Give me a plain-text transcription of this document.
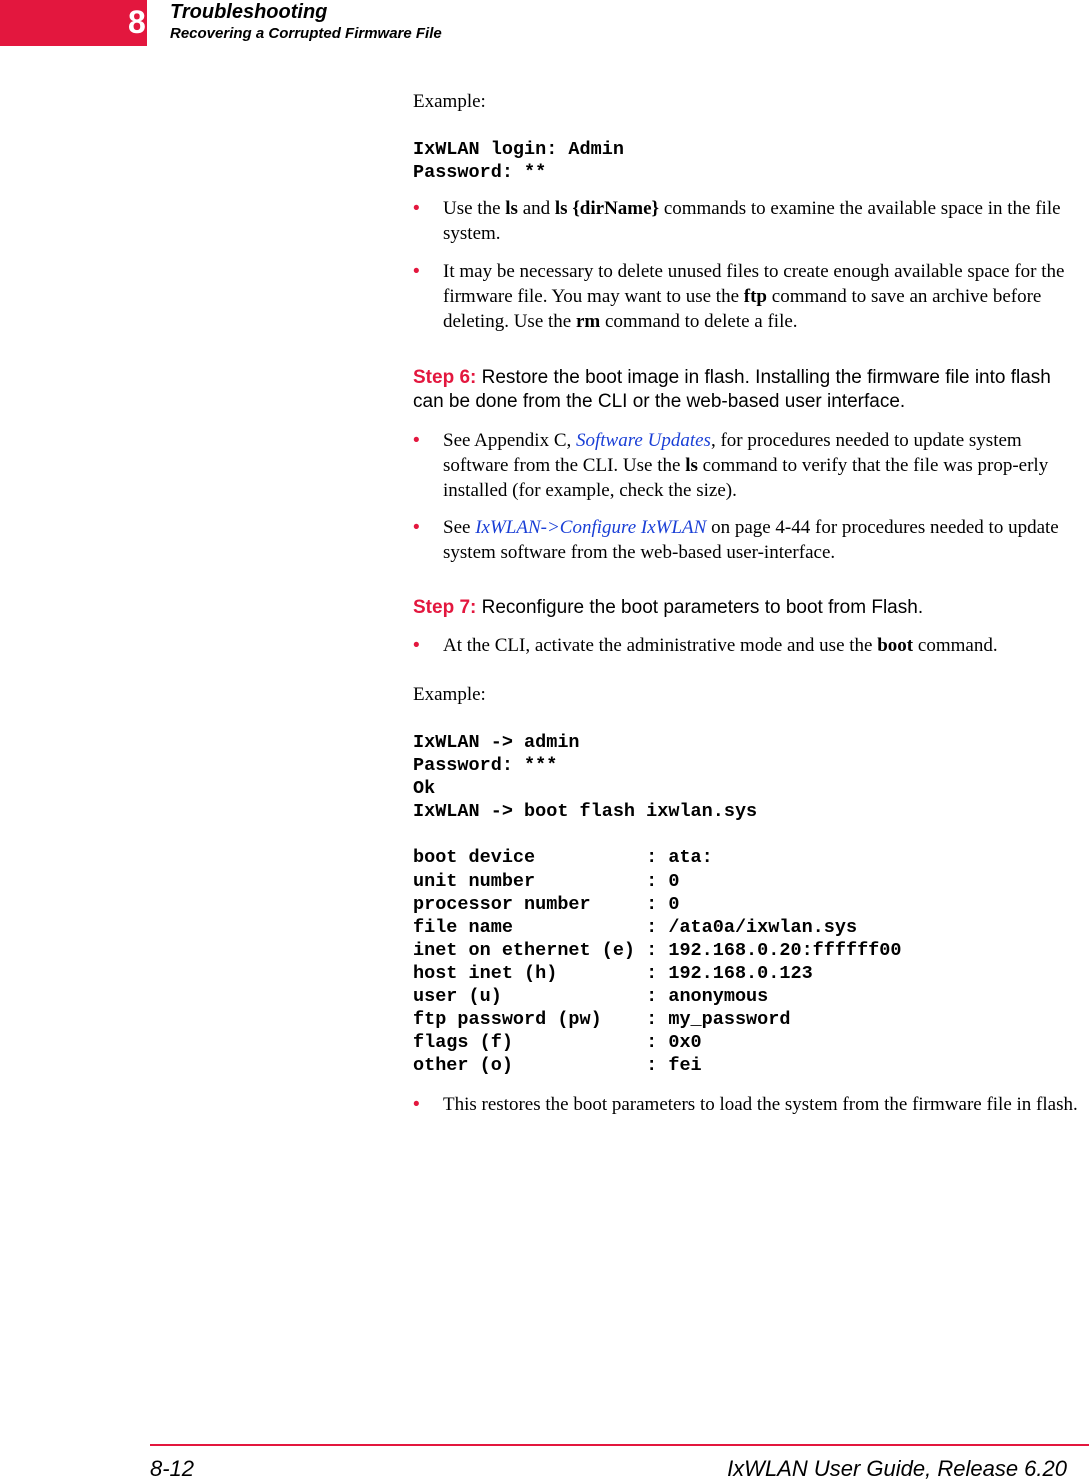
8 Troubleshooting
Recovering a Corrupted Firmware File
Example:
IxWLAN login: Admin
Password: **
• Use the ls and ls {dirName} commands to examine the available space in the file system.
• It may be necessary to delete unused files to create enough available space for the firmware file. You may want to use the ftp command to save an archive before deleting. Use the rm command to delete a file.
Step 6: Restore the boot image in flash. Installing the firmware file into flash can be done from the CLI or the web-based user interface.
• See Appendix C, Software Updates, for procedures needed to update system software from the CLI. Use the ls command to verify that the file was prop-erly installed (for example, check the size).
• See IxWLAN->Configure IxWLAN on page 4-44 for procedures needed to update system software from the web-based user-interface.
Step 7: Reconfigure the boot parameters to boot from Flash.
• At the CLI, activate the administrative mode and use the boot command.
Example:
IxWLAN -> admin
Password: ***
Ok
IxWLAN -> boot flash ixwlan.sys

boot device          : ata:
unit number          : 0
processor number     : 0
file name            : /ata0a/ixwlan.sys
inet on ethernet (e) : 192.168.0.20:ffffff00
host inet (h)        : 192.168.0.123
user (u)             : anonymous
ftp password (pw)    : my_password
flags (f)            : 0x0
other (o)            : fei
• This restores the boot parameters to load the system from the firmware file in flash.
8-12	IxWLAN User Guide, Release 6.20
